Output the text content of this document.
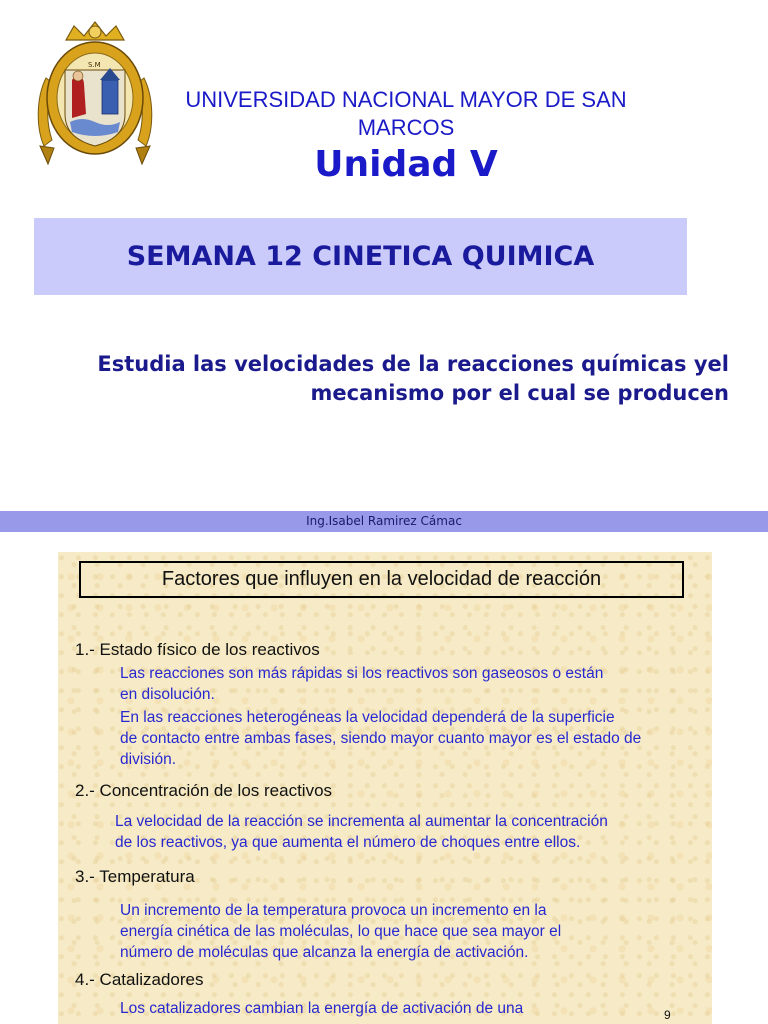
S.M
UNIVERSIDAD NACIONAL MAYOR DE SAN MARCOS
Unidad V
SEMANA 12 CINETICA QUIMICA
Estudia las velocidades de la reacciones químicas yel mecanismo por el cual se producen
Ing.Isabel Ramirez Cámac
Factores que influyen en la velocidad de reacción
1.- Estado físico de los reactivos
Las reacciones son más rápidas si los reactivos son gaseosos o están
en disolución.
En las reacciones heterogéneas la velocidad dependerá de la superficie
de contacto entre ambas fases, siendo mayor cuanto mayor es el estado de
división.
2.- Concentración de los reactivos
La velocidad de la reacción se incrementa al aumentar la concentración
de los reactivos, ya que aumenta el número de choques entre ellos.
3.- Temperatura
Un incremento de la temperatura provoca un incremento en la
energía cinética de las moléculas, lo que hace que sea mayor el
número de moléculas que alcanza la energía de activación.
4.- Catalizadores
Los catalizadores cambian la energía de activación de una	9
